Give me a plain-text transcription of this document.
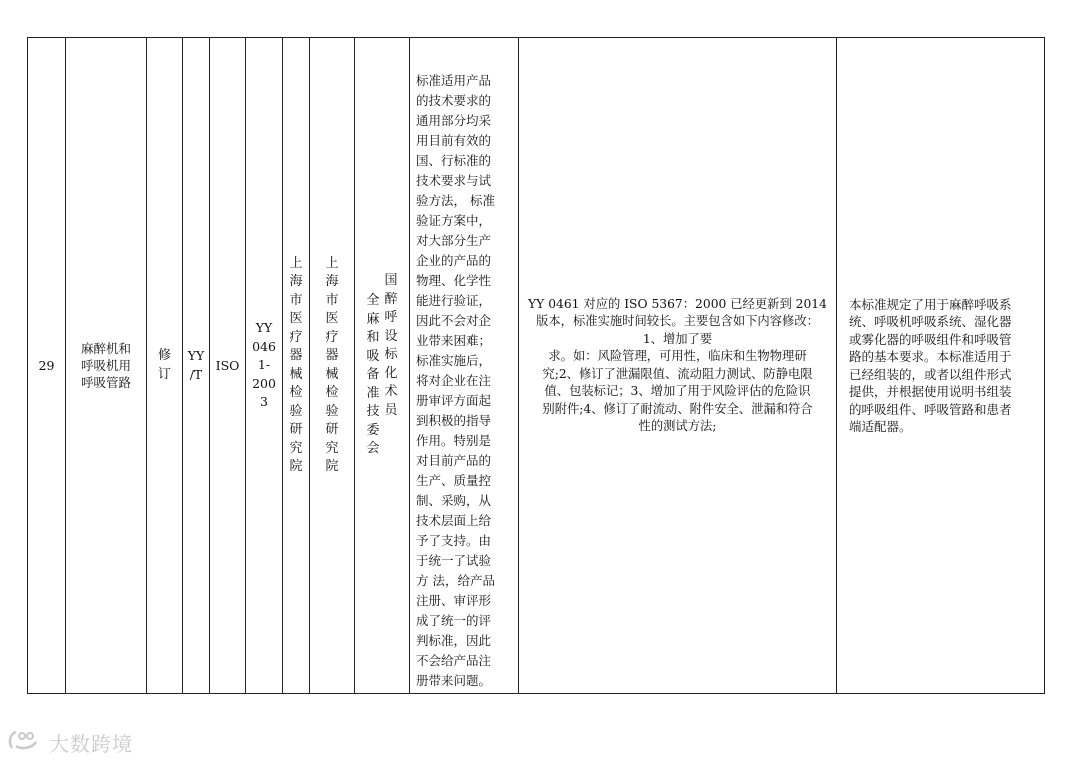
29
麻醉机和
呼吸机用
呼吸管路
修
订
YY
/T
ISO
YY
046
1-
200
3
上
海
市
医
疗
器
械
检
验
研
究
院
上
海
市
医
疗
器
械
检
验
研
究
院
全
麻
和
吸
备
准
技
委
会
国
醉
呼
设
标
化
术
员
标准适用产品
的技术要求的
通用部分均采
用目前有效的
国、行标准的
技术要求与试
验方法， 标准
验证方案中，
对大部分生产
企业的产品的
物理、化学性
能进行验证，
因此不会对企
业带来困难；
标准实施后，
将对企业在注
册审评方面起
到积极的指导
作用。特别是
对目前产品的
生产、质量控
制、采购，从
技术层面上给
予了支持。由
于统一了试验
方 法，给产品
注册、审评形
成了统一的评
判标准，因此
不会给产品注
册带来问题。
YY 0461 对应的 ISO 5367：2000 已经更新到 2014
版本，标准实施时间较长。主要包含如下内容修改：
1、增加了要
求。如：风险管理，可用性，临床和生物物理研
究;2、修订了泄漏限值、流动阻力测试、防静电限
值、包装标记；3、增加了用于风险评估的危险识
别附件;4、修订了耐流动、附件安全、泄漏和符合
性的测试方法;
本标准规定了用于麻醉呼吸系
统、呼吸机呼吸系统、湿化器
或雾化器的呼吸组件和呼吸管
路的基本要求。本标准适用于
已经组装的，或者以组件形式
提供，并根据使用说明书组装
的呼吸组件、呼吸管路和患者
端适配器。
大数跨境
